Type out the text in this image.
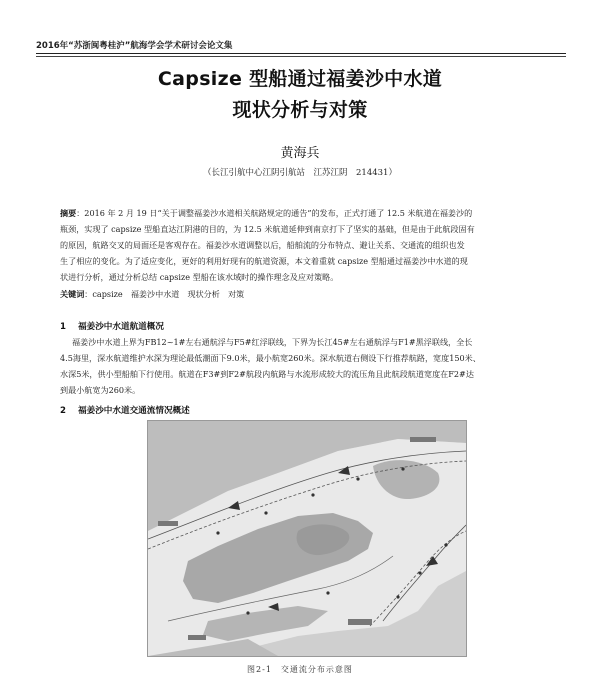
2016年“苏浙闽粤桂沪”航海学会学术研讨会论文集
Capsize 型船通过福姜沙中水道
现状分析与对策
黄海兵
（长江引航中心江阴引航站　江苏江阴　214431）
摘要：2016 年 2 月 19 日“关于调整福姜沙水道相关航路规定的通告”的发布，正式打通了 12.5 米航道在福姜沙的
瓶颈，实现了 capsize 型船直达江阴港的目的，为 12.5 米航道延伸到南京打下了坚实的基础，但是由于此航段固有
的原因，航路交叉的局面还是客观存在。福姜沙水道调整以后，船舶流的分布特点、避让关系、交通流的组织也发
生了相应的变化。为了适应变化，更好的利用好现有的航道资源，本文着重就 capsize 型船通过福姜沙中水道的现
状进行分析，通过分析总结 capsize 型船在该水域时的操作理念及应对策略。
关键词：capsize　福姜沙中水道　现状分析　对策
1 福姜沙中水道航道概况
福姜沙中水道上界为FB12~1#左右通航浮与F5#红浮联线，下界为长江45#左右通航浮与F1#黑浮联线，全长
4.5海里，深水航道维护水深为理论最低潮面下9.0米，最小航宽260米。深水航道右侧设下行推荐航路，宽度150米、
水深5米，供小型船舶下行使用。航道在F3#到F2#航段内航路与水流形成较大的流压角且此航段航道宽度在F2#达
到最小航宽为260米。
2 福姜沙中水道交通流情况概述
图2-1　交通流分布示意图
